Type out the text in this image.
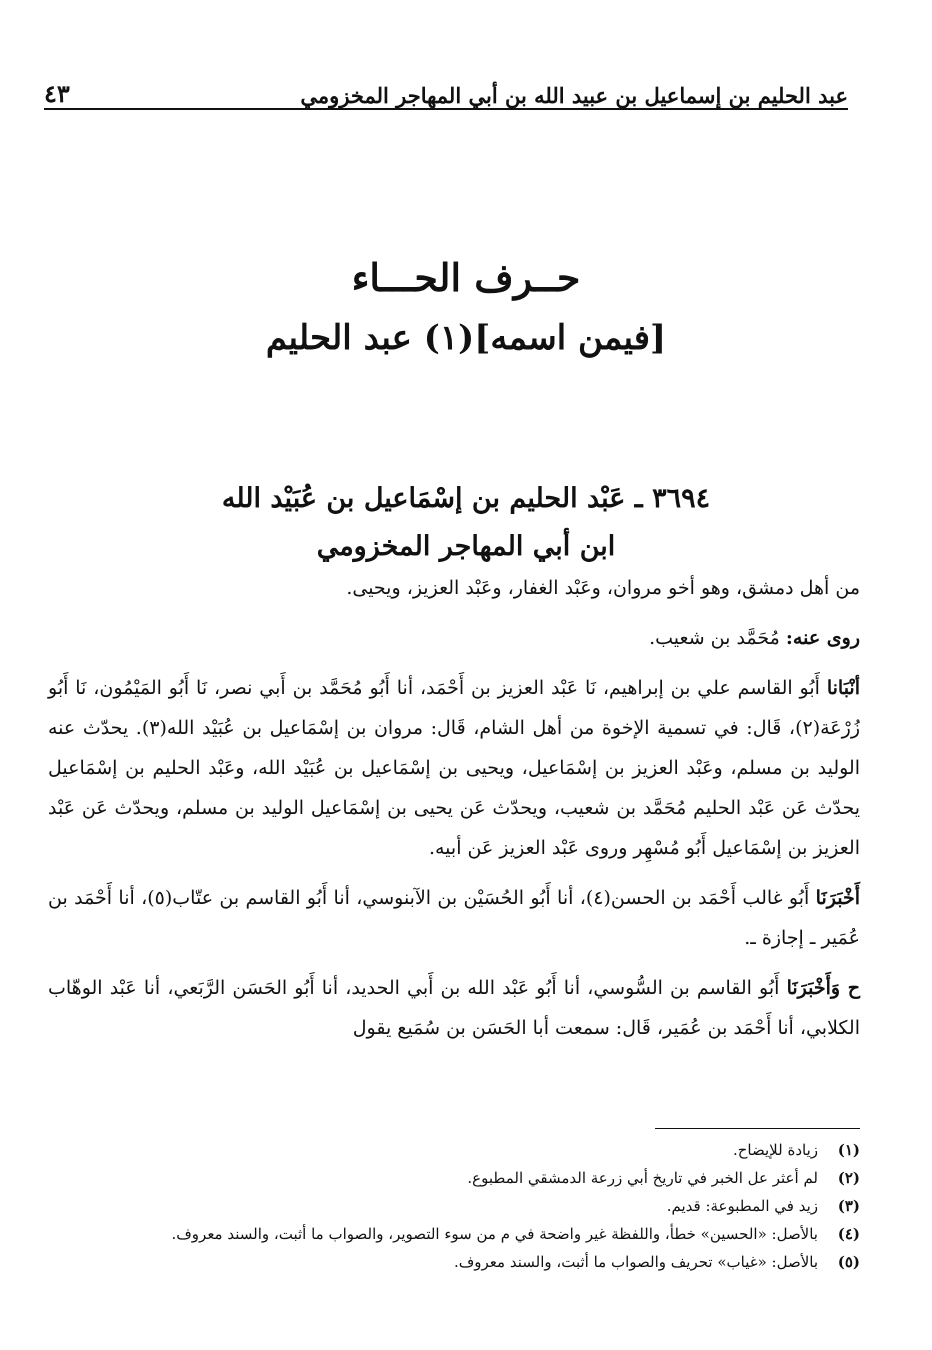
عبد الحليم بن إسماعيل بن عبيد الله بن أبي المهاجر المخزومي
٤٣
حــرف الحـــاء
[فيمن اسمه](١) عبد الحليم
٣٦٩٤ ـ عَبْد الحليم بن إسْمَاعيل بن عُبَيْد الله
ابن أبي المهاجر المخزومي

من أهل دمشق، وهو أخو مروان، وعَبْد الغفار، وعَبْد العزيز، ويحيى.

روى عنه: مُحَمَّد بن شعيب.

أنْبَانا أَبُو القاسم علي بن إبراهيم، نَا عَبْد العزيز بن أَحْمَد، أنا أَبُو مُحَمَّد بن أَبي نصر، نَا أَبُو المَيْمُون، نَا أَبُو زُرْعَة(٢)، قَال: في تسمية الإخوة من أهل الشام، قَال: مروان بن إسْمَاعيل بن عُبَيْد الله(٣). يحدّث عنه الوليد بن مسلم، وعَبْد العزيز بن إسْمَاعيل، ويحيى بن إسْمَاعيل بن عُبَيْد الله، وعَبْد الحليم بن إسْمَاعيل يحدّث عَن عَبْد الحليم مُحَمَّد بن شعيب، ويحدّث عَن يحيى بن إسْمَاعيل الوليد بن مسلم، ويحدّث عَن عَبْد العزيز بن إسْمَاعيل أَبُو مُسْهِر وروى عَبْد العزيز عَن أبيه.

أَخْبَرَنَا أَبُو غالب أَحْمَد بن الحسن(٤)، أنا أَبُو الحُسَيْن بن الآبنوسي، أنا أَبُو القاسم بن عتّاب(٥)، أنا أَحْمَد بن عُمَير ـ إجازة ـ.

ح وَأَخْبَرَنَا أَبُو القاسم بن السُّوسي، أنا أَبُو عَبْد الله بن أَبي الحديد، أنا أَبُو الحَسَن الرَّبَعي، أنا عَبْد الوهّاب الكلابي، أنا أَحْمَد بن عُمَير، قَال: سمعت أبا الحَسَن بن سُمَيع يقول

(١)
زيادة للإيضاح.
(٢)
لم أعثر عل الخبر في تاريخ أبي زرعة الدمشقي المطبوع.
(٣)
زيد في المطبوعة: قديم.
(٤)
بالأصل: «الحسين» خطأ، واللفظة غير واضحة في م من سوء التصوير، والصواب ما أثبت، والسند معروف.
(٥)
بالأصل: «غياب» تحريف والصواب ما أثبت، والسند معروف.
